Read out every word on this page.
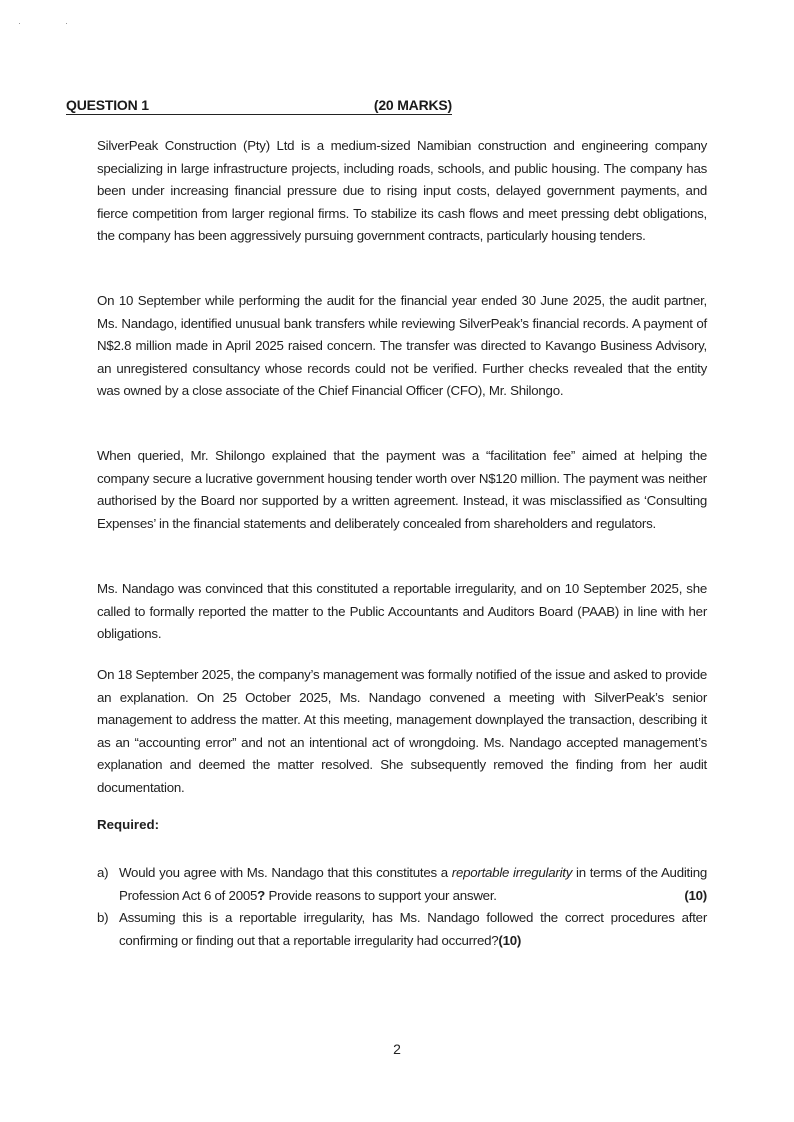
QUESTION 1	(20 MARKS)

SilverPeak Construction (Pty) Ltd is a medium-sized Namibian construction and engineering company specializing in large infrastructure projects, including roads, schools, and public housing. The company has been under increasing financial pressure due to rising input costs, delayed government payments, and fierce competition from larger regional firms. To stabilize its cash flows and meet pressing debt obligations, the company has been aggressively pursuing government contracts, particularly housing tenders.

On 10 September while performing the audit for the financial year ended 30 June 2025, the audit partner, Ms. Nandago, identified unusual bank transfers while reviewing SilverPeak’s financial records. A payment of N$2.8 million made in April 2025 raised concern. The transfer was directed to Kavango Business Advisory, an unregistered consultancy whose records could not be verified. Further checks revealed that the entity was owned by a close associate of the Chief Financial Officer (CFO), Mr. Shilongo.

When queried, Mr. Shilongo explained that the payment was a “facilitation fee” aimed at helping the company secure a lucrative government housing tender worth over N$120 million. The payment was neither authorised by the Board nor supported by a written agreement. Instead, it was misclassified as ‘Consulting Expenses’ in the financial statements and deliberately concealed from shareholders and regulators.

Ms. Nandago was convinced that this constituted a reportable irregularity, and on 10 September 2025, she called to formally reported the matter to the Public Accountants and Auditors Board (PAAB) in line with her obligations.

On 18 September 2025, the company’s management was formally notified of the issue and asked to provide an explanation. On 25 October 2025, Ms. Nandago convened a meeting with SilverPeak’s senior management to address the matter. At this meeting, management downplayed the transaction, describing it as an “accounting error” and not an intentional act of wrongdoing. Ms. Nandago accepted management’s explanation and deemed the matter resolved. She subsequently removed the finding from her audit documentation.

Required:
a) Would you agree with Ms. Nandago that this constitutes a reportable irregularity in terms of the Auditing Profession Act 6 of 2005? Provide reasons to support your answer.	(10)
b) Assuming this is a reportable irregularity, has Ms. Nandago followed the correct procedures after confirming or finding out that a reportable irregularity had occurred?(10)
2
